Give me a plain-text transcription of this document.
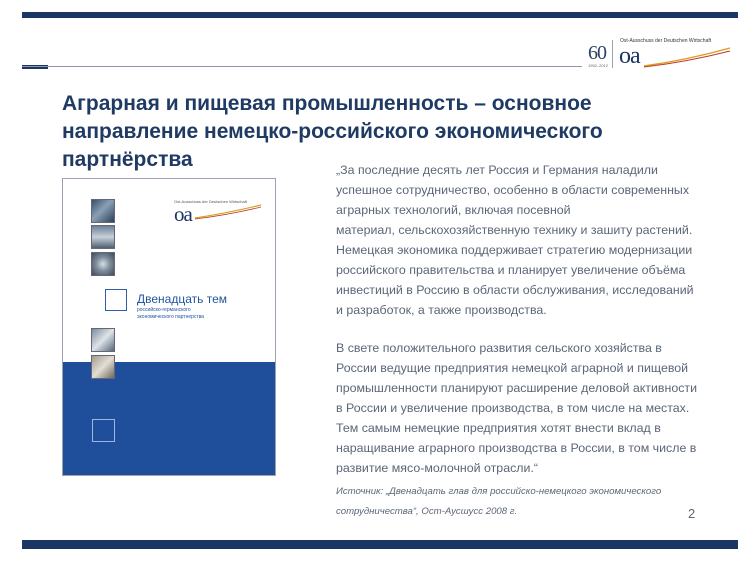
60
1952–2012
Ost-Ausschuss der Deutschen Wirtschaft
oa
Аграрная и пищевая промышленность – основное
направление немецко-российского экономического
партнёрства
Ost-Ausschuss der Deutschen Wirtschaft
oa
Двенадцать тем
российско-германского
экономического партнерства

„За последние десять лет Россия и Германия наладили

успешное сотрудничество, особенно в области современных

аграрных технологий, включая посевной

материал, сельскохозяйственную технику и зашиту растений.

Немецкая экономика поддерживает стратегию модернизации

российского правительства и планирует увеличение объёма

инвестиций в Россию в области обслуживания, исследований

и разработок, а также производства.

В свете положительного развития сельского хозяйства в

России ведущие предприятия немецкой аграрной и пищевой

промышленности планируют расширение деловой активности

в России и увеличение производства, в том числе на местах.

Тем самым немецкие предприятия хотят внести вклад в

наращивание аграрного производства в России, в том числе в

развитие мясо-молочной отрасли.“

Источник: „Двенадцать глав для российско-немецкого экономического

сотрудничества“, Ост-Аусшусс 2008 г.	2
